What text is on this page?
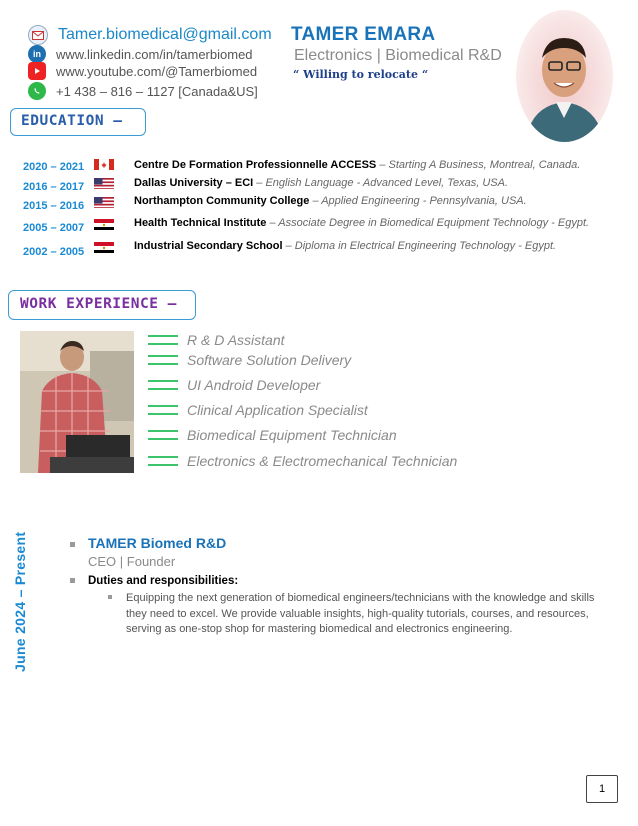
Tamer.biomedical@gmail.com
in	www.linkedin.com/in/tamerbiomed
www.youtube.com/@Tamerbiomed
+1 438 – 816 – 1127 [Canada&US]
TAMER EMARA
Electronics | Biomedical R&D
“ Willing to relocate “
EDUCATION –
2020 – 2021	Centre De Formation Professionnelle ACCESS – Starting A Business, Montreal, Canada.
2016 – 2017	Dallas University – ECI – English Language - Advanced Level, Texas, USA.
2015 – 2016	Northampton Community College – Applied Engineering - Pennsylvania, USA.
2005 – 2007	Health Technical Institute – Associate Degree in Biomedical Equipment Technology - Egypt.
2002 – 2005	Industrial Secondary School – Diploma in Electrical Engineering Technology - Egypt.
WORK EXPERIENCE –
R & D Assistant
Software Solution Delivery
UI Android Developer
Clinical Application Specialist
Biomedical Equipment Technician
Electronics & Electromechanical Technician
June 2024 – Present	TAMER Biomed R&D
CEO | Founder
Duties and responsibilities:
Equipping the next generation of biomedical engineers/technicians with the knowledge and skills they need to excel. We provide valuable insights, high-quality tutorials, courses, and resources, serving as one-stop shop for mastering biomedical and electronics engineering.
1
